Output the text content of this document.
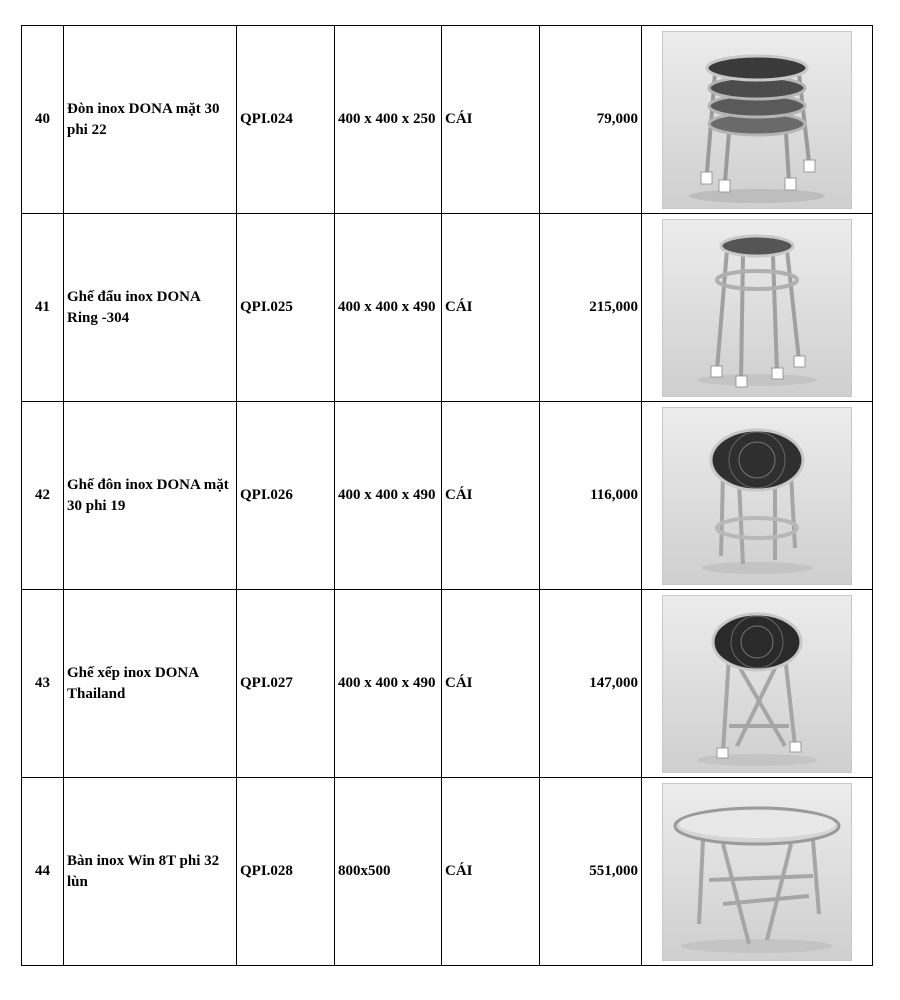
40	Đòn inox DONA mặt 30 phi 22	QPI.024	400 x 400 x 250	CÁI	79,000	

41	Ghế đẩu inox DONA Ring -304	QPI.025	400 x 400 x 490	CÁI	215,000	

42	Ghế đôn inox DONA mặt 30 phi 19	QPI.026	400 x 400 x 490	CÁI	116,000	

43	Ghế xếp inox DONA Thailand	QPI.027	400 x 400 x 490	CÁI	147,000	

44	Bàn inox Win 8T phi 32 lùn	QPI.028	800x500	CÁI	551,000	
